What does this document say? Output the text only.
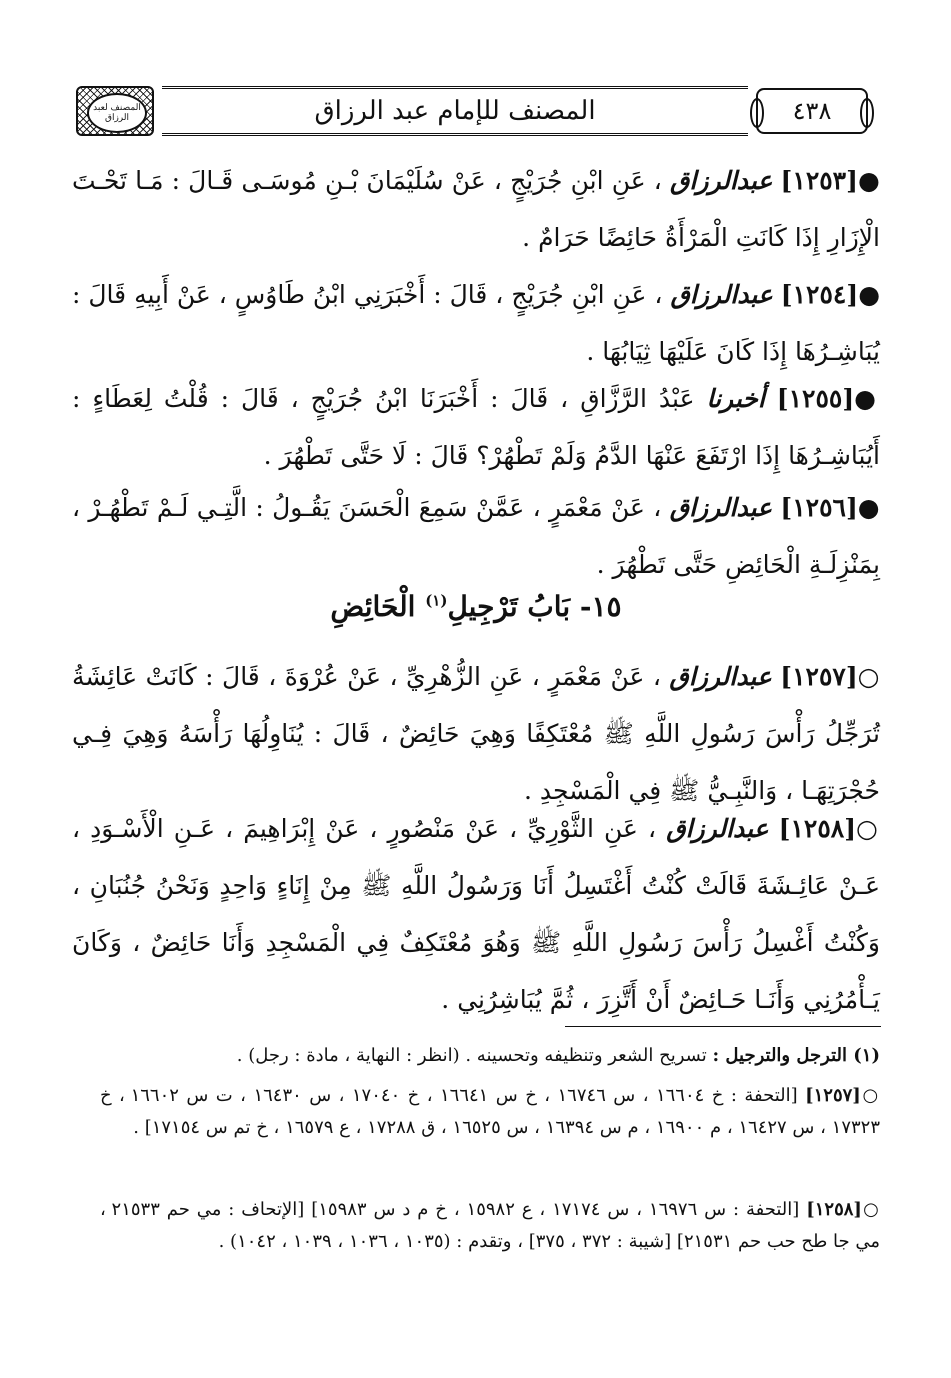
المصنف لعبد الرزاق	المصنف للإمام عبد الرزاق	٤٣٨
●[١٢٥٣] عبدالرزاق ، عَنِ ابْنِ جُرَيْجٍ ، عَنْ سُلَيْمَانَ بْـنِ مُوسَـى قَـالَ : مَـا تَحْـتَ الْإِزَارِ إِذَا كَانَتِ الْمَرْأَةُ حَائِضًا حَرَامٌ .
●[١٢٥٤] عبدالرزاق ، عَنِ ابْنِ جُرَيْجٍ ، قَالَ : أَخْبَرَنِي ابْنُ طَاوُسٍ ، عَنْ أَبِيهِ قَالَ : يُبَاشِـرُهَا إِذَا كَانَ عَلَيْهَا ثِيَابُهَا .
●[١٢٥٥] أخبرنا عَبْدُ الرَّزَّاقِ ، قَالَ : أَخْبَرَنَا ابْنُ جُرَيْجٍ ، قَالَ : قُلْتُ لِعَطَاءٍ : أَيُبَاشِـرُهَا إِذَا ارْتَفَعَ عَنْهَا الدَّمُ وَلَمْ تَطْهُرْ؟ قَالَ : لَا حَتَّى تَطْهُرَ .
●[١٢٥٦] عبدالرزاق ، عَنْ مَعْمَرٍ ، عَمَّنْ سَمِعَ الْحَسَنَ يَقُـولُ : الَّتِـي لَـمْ تَطْهُـرْ ، بِمَنْزِلَـةِ الْحَائِضِ حَتَّى تَطْهُرَ .
١٥- بَابُ تَرْجِيلِ$^{(١)}$ الْحَائِضِ
○[١٢٥٧] عبدالرزاق ، عَنْ مَعْمَرٍ ، عَنِ الزُّهْرِيِّ ، عَنْ عُرْوَةَ ، قَالَ : كَانَتْ عَائِشَةُ تُرَجِّلُ رَأْسَ رَسُولِ اللَّهِ ﷺ مُعْتَكِفًا وَهِيَ حَائِضٌ ، قَالَ : يُنَاوِلُهَا رَأْسَهُ وَهِيَ فِـي حُجْرَتِهَـا ، وَالنَّبِـيُّ ﷺ فِي الْمَسْجِدِ .
○[١٢٥٨] عبدالرزاق ، عَنِ الثَّوْرِيِّ ، عَنْ مَنْصُورٍ ، عَنْ إِبْرَاهِيمَ ، عَـنِ الْأَسْـوَدِ ، عَـنْ عَائِـشَةَ قَالَتْ كُنْتُ أَغْتَسِلُ أَنَا وَرَسُولُ اللَّهِ ﷺ مِنْ إِنَاءٍ وَاحِدٍ وَنَحْنُ جُنُبَانِ ، وَكُنْتُ أَغْسِلُ رَأْسَ رَسُولِ اللَّهِ ﷺ وَهُوَ مُعْتَكِفٌ فِي الْمَسْجِدِ وَأَنَا حَائِضٌ ، وَكَانَ يَـأْمُرُنِي وَأَنَـا حَـائِضٌ أَنْ أَتَّزِرَ ، ثُمَّ يُبَاشِرُنِي .
(١) الترجل والترجيل : تسريح الشعر وتنظيفه وتحسينه . (انظر : النهاية ، مادة : رجل) .
○[١٢٥٧] [التحفة : خ ١٦٦٠٤ ، س ١٦٧٤٦ ، خ س ١٦٦٤١ ، خ ١٧٠٤٠ ، س ١٦٤٣٠ ، ت س ١٦٦٠٢ ، خ ١٧٣٢٣ ، س ١٦٤٢٧ ، م ١٦٩٠٠ ، م س ١٦٣٩٤ ، س ١٦٥٢٥ ، ق ١٧٢٨٨ ، ع ١٦٥٧٩ ، خ تم س ١٧١٥٤] .
○[١٢٥٨] [التحفة : س ١٦٩٧٦ ، س ١٧١٧٤ ، ع ١٥٩٨٢ ، خ م د س ١٥٩٨٣] [الإتحاف : مي حم ٢١٥٣٣ ، مي جا طح حب حم ٢١٥٣١] [شيبة : ٣٧٢ ، ٣٧٥] ، وتقدم : (١٠٣٥ ، ١٠٣٦ ، ١٠٣٩ ، ١٠٤٢) .
